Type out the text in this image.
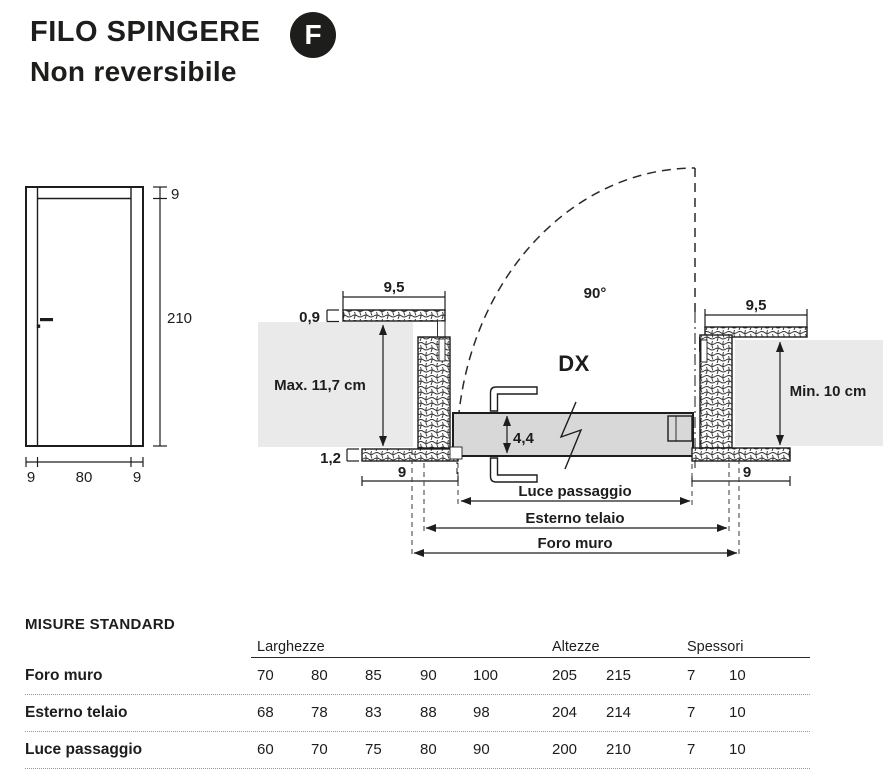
FILO SPINGERE F
Non reversibile
9
210
9	80	9
9,5
9,5
0,9
1,2
Max. 11,7 cm	Min. 10 cm
4,4
90°
DX
9	9
Luce passaggio
Esterno telaio
Foro muro
MISURE STANDARD
Larghezze	Altezze	Spessori
Foro muro	70	80	85	90	100	205	215	7	10
Esterno telaio	68	78	83	88	98	204	214	7	10
Luce passaggio	60	70	75	80	90	200	210	7	10
